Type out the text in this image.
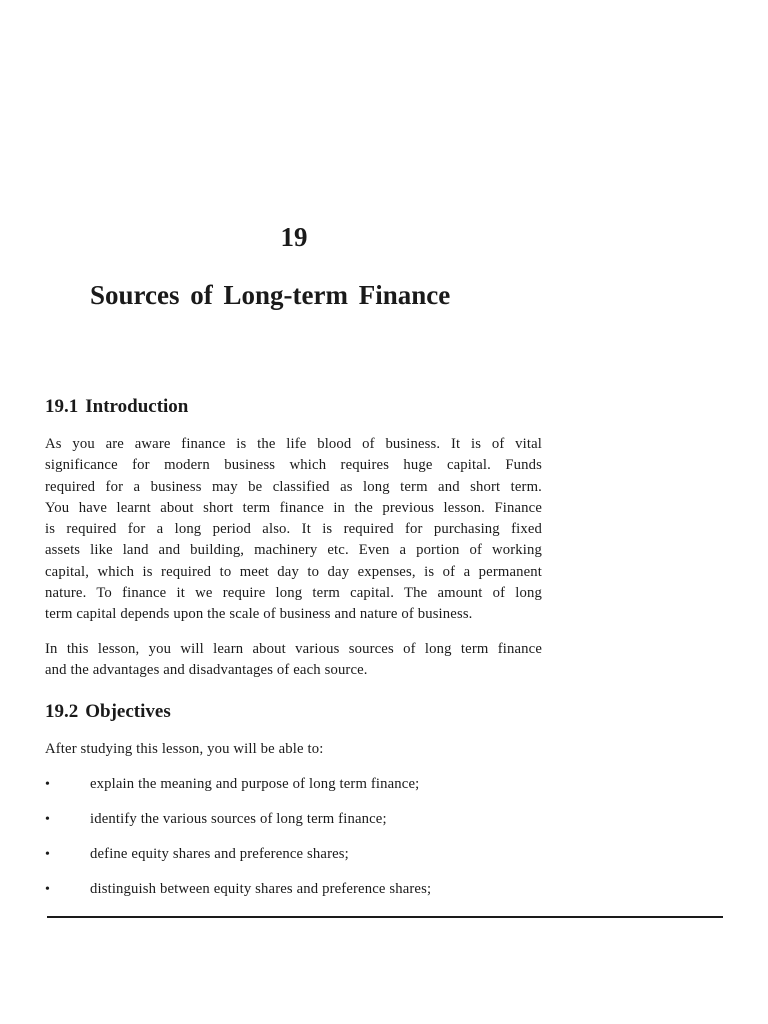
19
Sources of Long-term Finance
19.1 Introduction

As you are aware finance is the life blood of business. It is of vital
significance for modern business which requires huge capital. Funds
required for a business may be classified as long term and short term.
You have learnt about short term finance in the previous lesson. Finance
is required for a long period also. It is required for purchasing fixed
assets like land and building, machinery etc. Even a portion of working
capital, which is required to meet day to day expenses, is of a permanent
nature. To finance it we require long term capital. The amount of long
term capital depends upon the scale of business and nature of business.

In this lesson, you will learn about various sources of long term finance
and the advantages and disadvantages of each source.

19.2 Objectives

After studying this lesson, you will be able to:

•	explain the meaning and purpose of long term finance;
•	identify the various sources of long term finance;
•	define equity shares and preference shares;
•	distinguish between equity shares and preference shares;
